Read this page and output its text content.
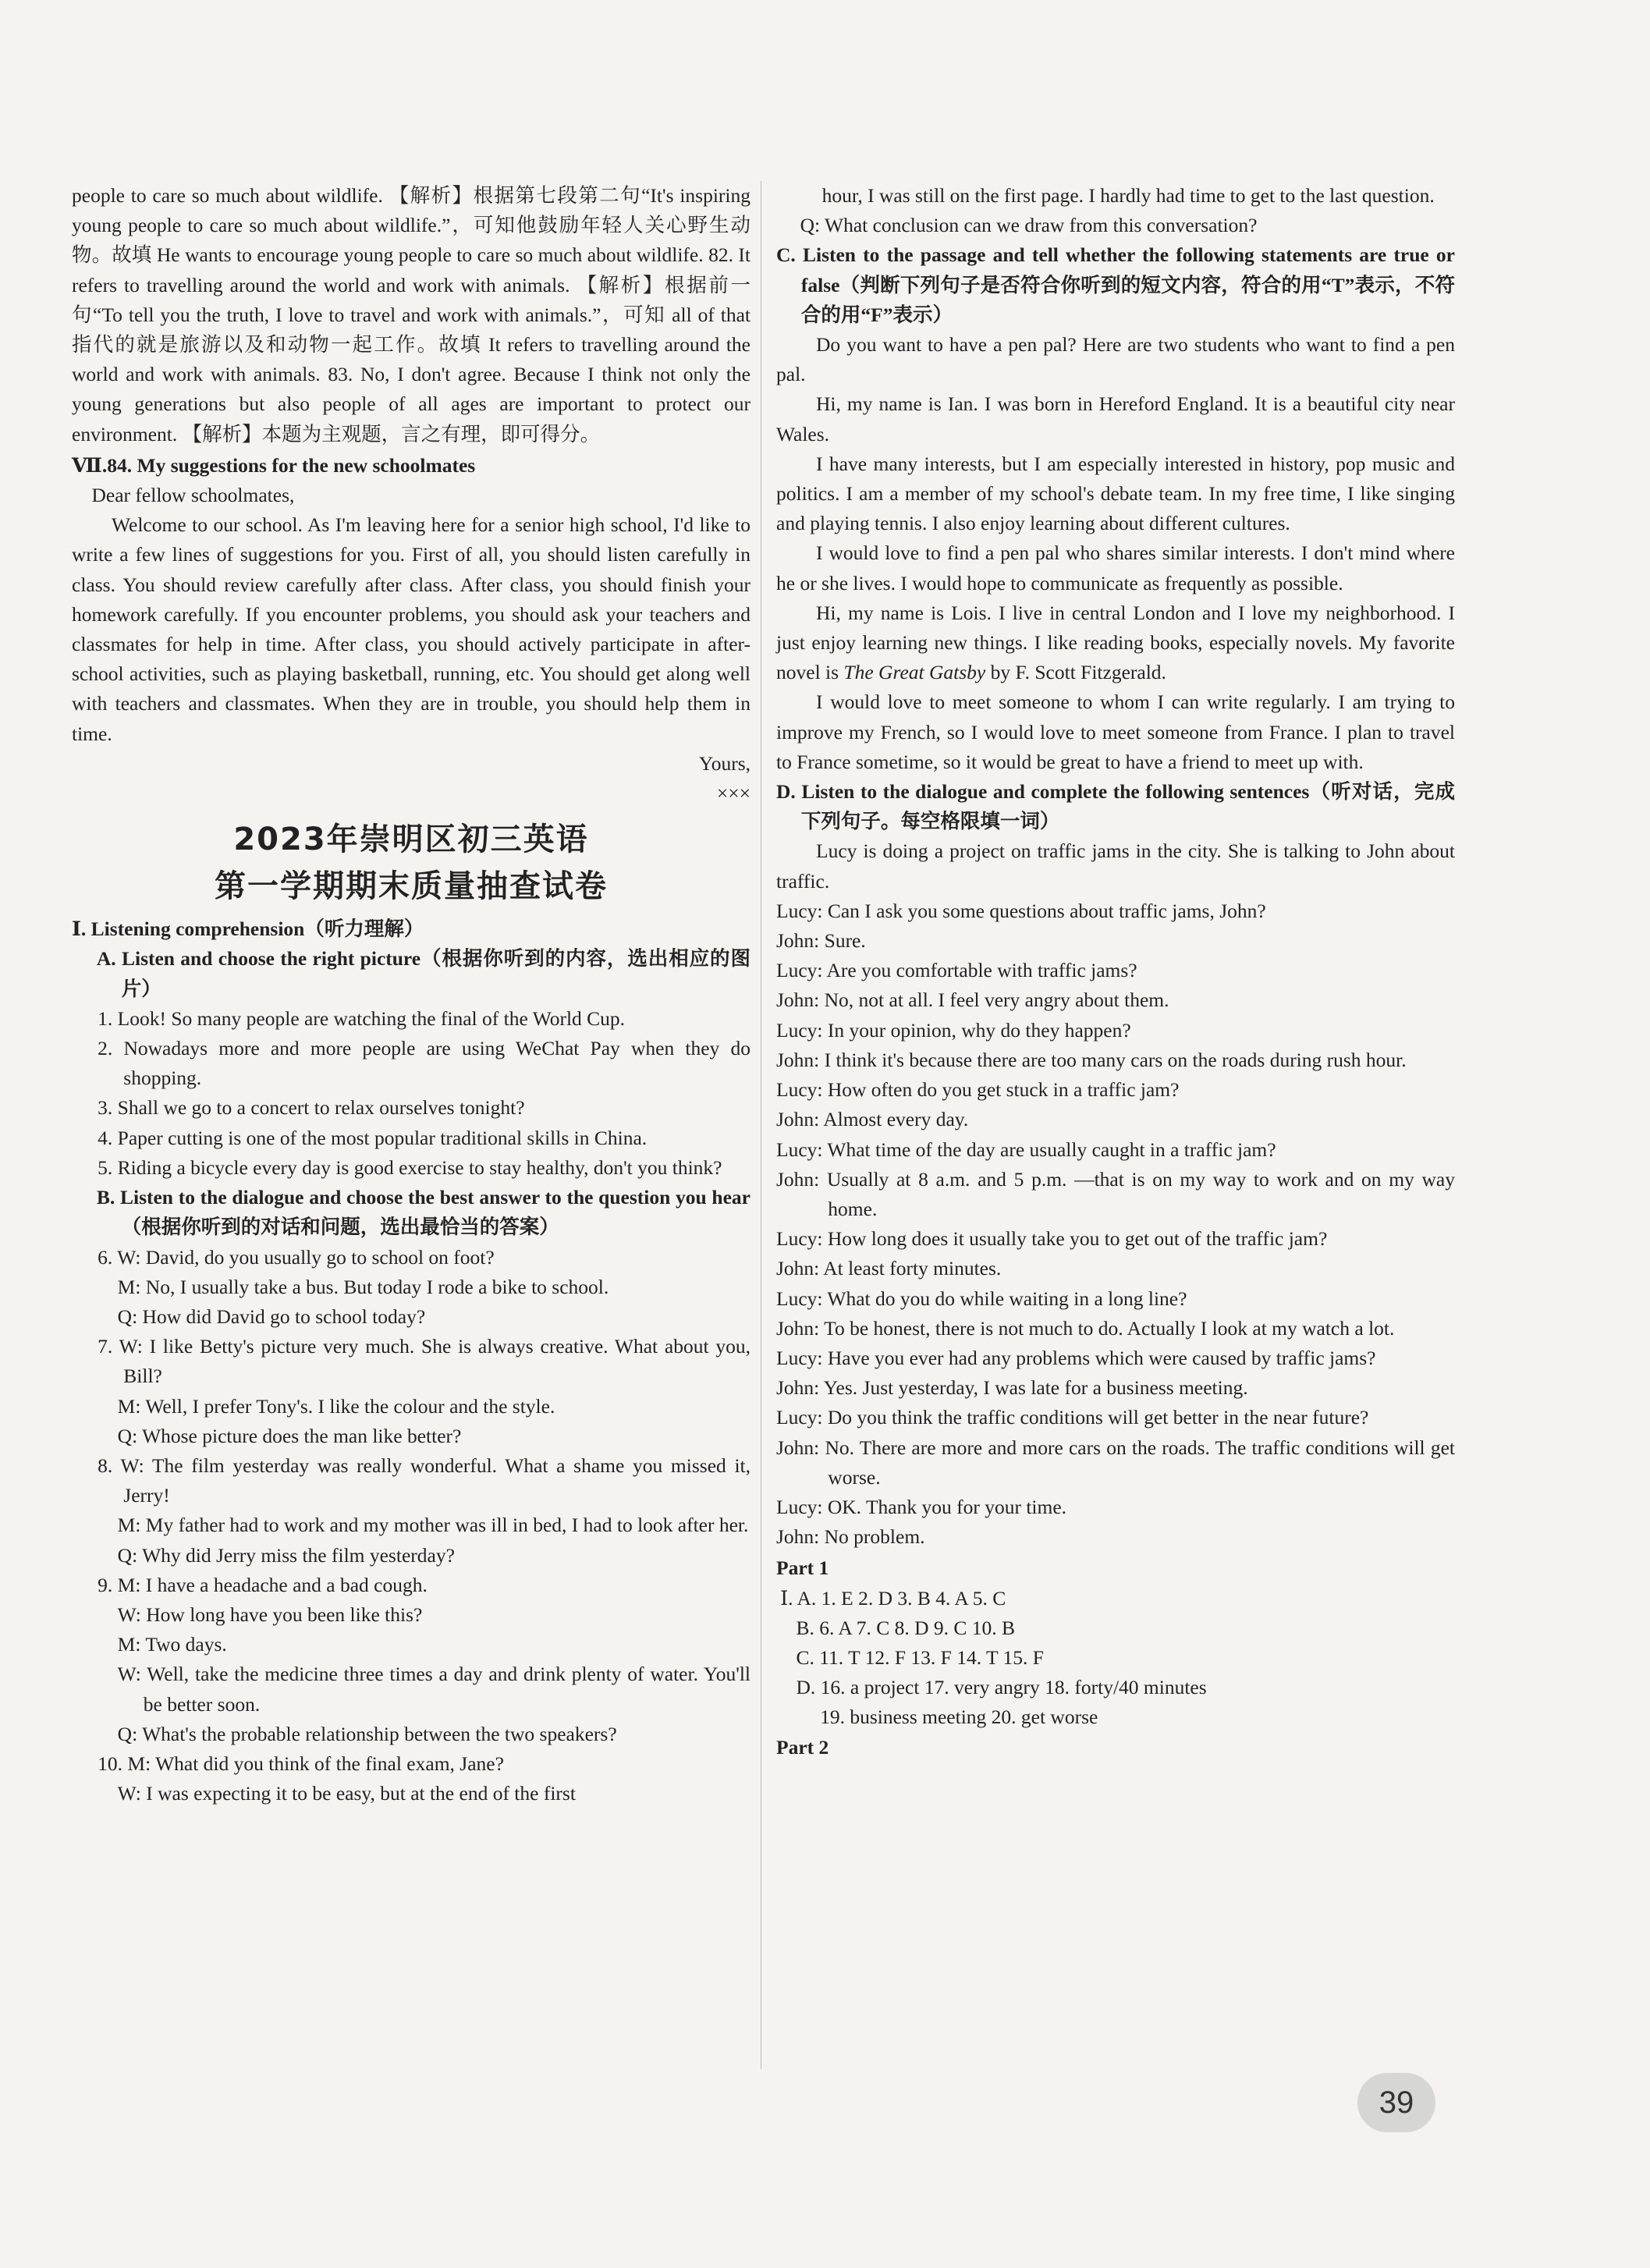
people to care so much about wildlife. 【解析】根据第七段第二句“It's inspiring young people to care so much about wildlife.”，可知他鼓励年轻人关心野生动物。故填 He wants to encourage young people to care so much about wildlife. 82. It refers to travelling around the world and work with animals. 【解析】根据前一句“To tell you the truth, I love to travel and work with animals.”，可知 all of that 指代的就是旅游以及和动物一起工作。故填 It refers to travelling around the world and work with animals. 83. No, I don't agree. Because I think not only the young generations but also people of all ages are important to protect our environment. 【解析】本题为主观题，言之有理，即可得分。

Ⅶ.84. My suggestions for the new schoolmates

Dear fellow schoolmates,

Welcome to our school. As I'm leaving here for a senior high school, I'd like to write a few lines of suggestions for you. First of all, you should listen carefully in class. You should review carefully after class. After class, you should finish your homework carefully. If you encounter problems, you should ask your teachers and classmates for help in time. After class, you should actively participate in after-school activities, such as playing basketball, running, etc. You should get along well with teachers and classmates. When they are in trouble, you should help them in time.

Yours,

×××

2023年崇明区初三英语
第一学期期末质量抽查试卷

Ⅰ. Listening comprehension（听力理解）

A. Listen and choose the right picture（根据你听到的内容，选出相应的图片）

1. Look! So many people are watching the final of the World Cup.

2. Nowadays more and more people are using WeChat Pay when they do shopping.

3. Shall we go to a concert to relax ourselves tonight?

4. Paper cutting is one of the most popular traditional skills in China.

5. Riding a bicycle every day is good exercise to stay healthy, don't you think?

B. Listen to the dialogue and choose the best answer to the question you hear（根据你听到的对话和问题，选出最恰当的答案）

6. W: David, do you usually go to school on foot?

M: No, I usually take a bus. But today I rode a bike to school.

Q: How did David go to school today?

7. W: I like Betty's picture very much. She is always creative. What about you, Bill?

M: Well, I prefer Tony's. I like the colour and the style.

Q: Whose picture does the man like better?

8. W: The film yesterday was really wonderful. What a shame you missed it, Jerry!

M: My father had to work and my mother was ill in bed, I had to look after her.

Q: Why did Jerry miss the film yesterday?

9. M: I have a headache and a bad cough.

W: How long have you been like this?

M: Two days.

W: Well, take the medicine three times a day and drink plenty of water. You'll be better soon.

Q: What's the probable relationship between the two speakers?

10. M: What did you think of the final exam, Jane?

W: I was expecting it to be easy, but at the end of the first

hour, I was still on the first page. I hardly had time to get to the last question.

Q: What conclusion can we draw from this conversation?

C. Listen to the passage and tell whether the following statements are true or false（判断下列句子是否符合你听到的短文内容，符合的用“T”表示，不符合的用“F”表示）

Do you want to have a pen pal? Here are two students who want to find a pen pal.

Hi, my name is Ian. I was born in Hereford England. It is a beautiful city near Wales.

I have many interests, but I am especially interested in history, pop music and politics. I am a member of my school's debate team. In my free time, I like singing and playing tennis. I also enjoy learning about different cultures.

I would love to find a pen pal who shares similar interests. I don't mind where he or she lives. I would hope to communicate as frequently as possible.

Hi, my name is Lois. I live in central London and I love my neighborhood. I just enjoy learning new things. I like reading books, especially novels. My favorite novel is The Great Gatsby by F. Scott Fitzgerald.

I would love to meet someone to whom I can write regularly. I am trying to improve my French, so I would love to meet someone from France. I plan to travel to France sometime, so it would be great to have a friend to meet up with.

D. Listen to the dialogue and complete the following sentences（听对话，完成下列句子。每空格限填一词）

Lucy is doing a project on traffic jams in the city. She is talking to John about traffic.

Lucy: Can I ask you some questions about traffic jams, John?

John: Sure.

Lucy: Are you comfortable with traffic jams?

John: No, not at all. I feel very angry about them.

Lucy: In your opinion, why do they happen?

John: I think it's because there are too many cars on the roads during rush hour.

Lucy: How often do you get stuck in a traffic jam?

John: Almost every day.

Lucy: What time of the day are usually caught in a traffic jam?

John: Usually at 8 a.m. and 5 p.m. —that is on my way to work and on my way home.

Lucy: How long does it usually take you to get out of the traffic jam?

John: At least forty minutes.

Lucy: What do you do while waiting in a long line?

John: To be honest, there is not much to do. Actually I look at my watch a lot.

Lucy: Have you ever had any problems which were caused by traffic jams?

John: Yes. Just yesterday, I was late for a business meeting.

Lucy: Do you think the traffic conditions will get better in the near future?

John: No. There are more and more cars on the roads. The traffic conditions will get worse.

Lucy: OK. Thank you for your time.

John: No problem.

Part 1

Ⅰ. A. 1. E 2. D 3. B 4. A 5. C

B. 6. A 7. C 8. D 9. C 10. B

C. 11. T 12. F 13. F 14. T 15. F

D. 16. a project 17. very angry 18. forty/40 minutes

19. business meeting 20. get worse

Part 2

39
